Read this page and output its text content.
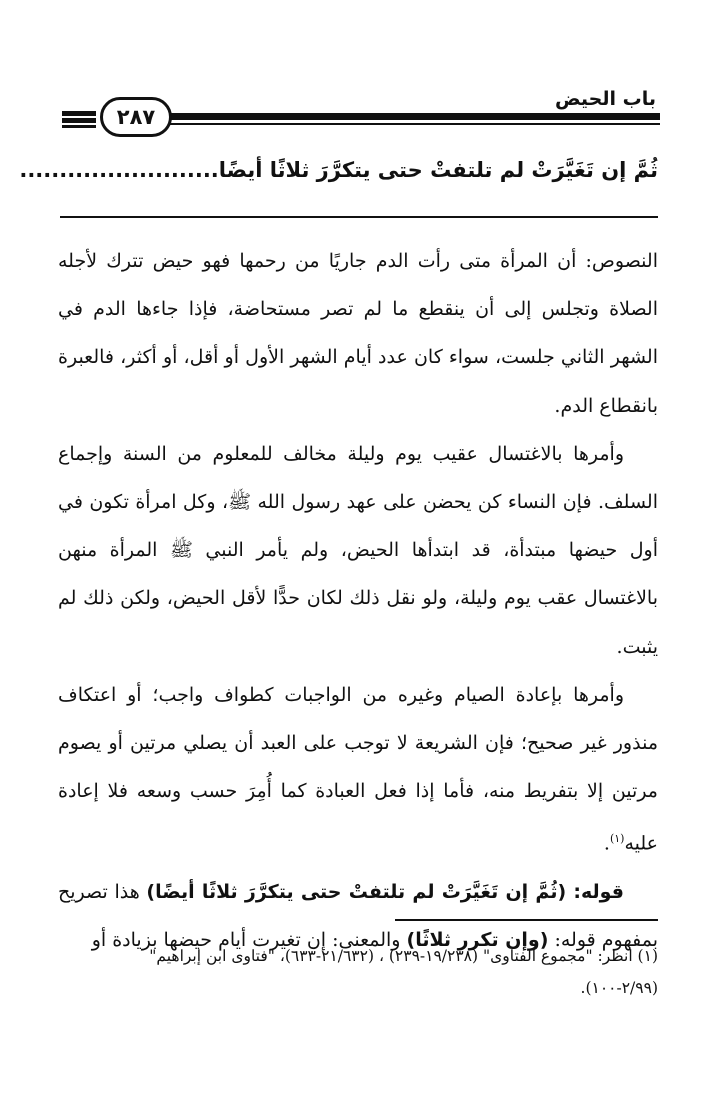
باب الحيض
٢٨٧
ثُمَّ إن تَغَيَّرَتْ لم تلتفتْ حتى يتكرَّرَ ثلاثًا أيضًا.........................

النصوص: أن المرأة متى رأت الدم جاريًا من رحمها فهو حيض تترك لأجله الصلاة وتجلس إلى أن ينقطع ما لم تصر مستحاضة، فإذا جاءها الدم في الشهر الثاني جلست، سواء كان عدد أيام الشهر الأول أو أقل، أو أكثر، فالعبرة بانقطاع الدم.

وأمرها بالاغتسال عقيب يوم وليلة مخالف للمعلوم من السنة وإجماع السلف. فإن النساء كن يحضن على عهد رسول الله ﷺ، وكل امرأة تكون في أول حيضها مبتدأة، قد ابتدأها الحيض، ولم يأمر النبي ﷺ المرأة منهن بالاغتسال عقب يوم وليلة، ولو نقل ذلك لكان حدًّا لأقل الحيض، ولكن ذلك لم يثبت.

وأمرها بإعادة الصيام وغيره من الواجبات كطواف واجب؛ أو اعتكاف منذور غير صحيح؛ فإن الشريعة لا توجب على العبد أن يصلي مرتين أو يصوم مرتين إلا بتفريط منه، فأما إذا فعل العبادة كما أُمِرَ حسب وسعه فلا إعادة عليه$^{(١)}$.

قوله: (ثُمَّ إن تَغَيَّرَتْ لم تلتفتْ حتى يتكرَّرَ ثلاثًا أيضًا) هذا تصريح بمفهوم قوله: (وإن تكرر ثلاثًا) والمعنى: إن تغيرت أيام حيضها بزيادة أو

(١) انظر: "مجموع الفتاوى" (١٩/٢٣٨-٢٣٩) ، (٢١/٦٣٢-٦٣٣)، "فتاوى ابن إبراهيم"

(٢/٩٩-١٠٠).
